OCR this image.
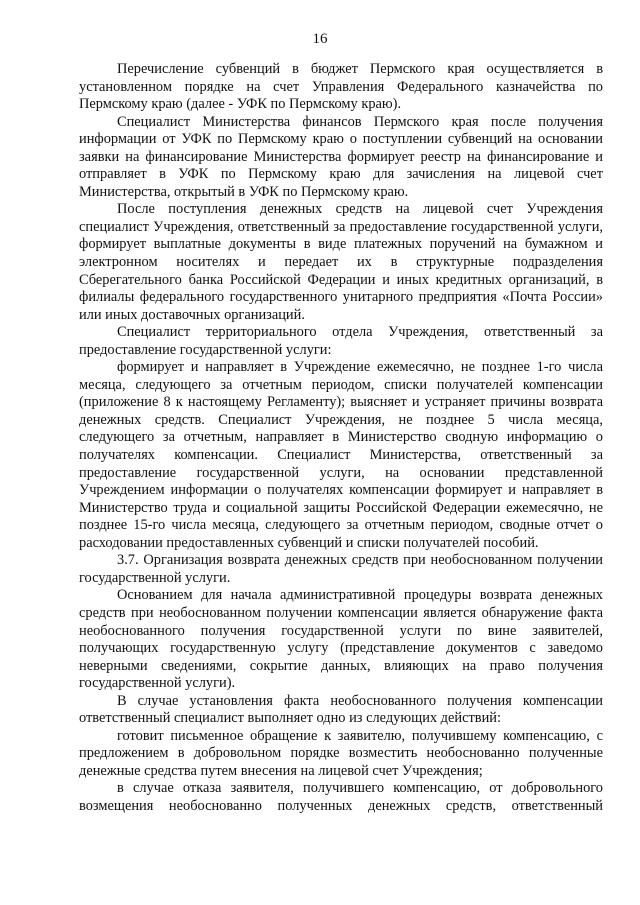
16

Перечисление субвенций в бюджет Пермского края осуществляется в установленном порядке на счет Управления Федерального казначейства по Пермскому краю (далее - УФК по Пермскому краю).

Специалист Министерства финансов Пермского края после получения информации от УФК по Пермскому краю о поступлении субвенций на основании заявки на финансирование Министерства формирует реестр на финансирование и отправляет в УФК по Пермскому краю для зачисления на лицевой счет Министерства, открытый в УФК по Пермскому краю.

После поступления денежных средств на лицевой счет Учреждения специалист Учреждения, ответственный за предоставление государственной услуги, формирует выплатные документы в виде платежных поручений на бумажном и электронном носителях и передает их в структурные подразделения Сберегательного банка Российской Федерации и иных кредитных организаций, в филиалы федерального государственного унитарного предприятия «Почта России» или иных доставочных организаций.

Специалист территориального отдела Учреждения, ответственный за предоставление государственной услуги:

формирует и направляет в Учреждение ежемесячно, не позднее 1-го числа месяца, следующего за отчетным периодом, списки получателей компенсации (приложение 8 к настоящему Регламенту); выясняет и устраняет причины возврата денежных средств. Специалист Учреждения, не позднее 5 числа месяца, следующего за отчетным, направляет в Министерство сводную информацию о получателях компенсации. Специалист Министерства, ответственный за предоставление государственной услуги, на основании представленной Учреждением информации о получателях компенсации формирует и направляет в Министерство труда и социальной защиты Российской Федерации ежемесячно, не позднее 15-го числа месяца, следующего за отчетным периодом, сводные отчет о расходовании предоставленных субвенций и списки получателей пособий.

3.7. Организация возврата денежных средств при необоснованном получении государственной услуги.

Основанием для начала административной процедуры возврата денежных средств при необоснованном получении компенсации является обнаружение факта необоснованного получения государственной услуги по вине заявителей, получающих государственную услугу (представление документов с заведомо неверными сведениями, сокрытие данных, влияющих на право получения государственной услуги).

В случае установления факта необоснованного получения компенсации ответственный специалист выполняет одно из следующих действий:

готовит письменное обращение к заявителю, получившему компенсацию, с предложением в добровольном порядке возместить необоснованно полученные денежные средства путем внесения на лицевой счет Учреждения;

в случае отказа заявителя, получившего компенсацию, от добровольного возмещения необоснованно полученных денежных средств, ответственный
